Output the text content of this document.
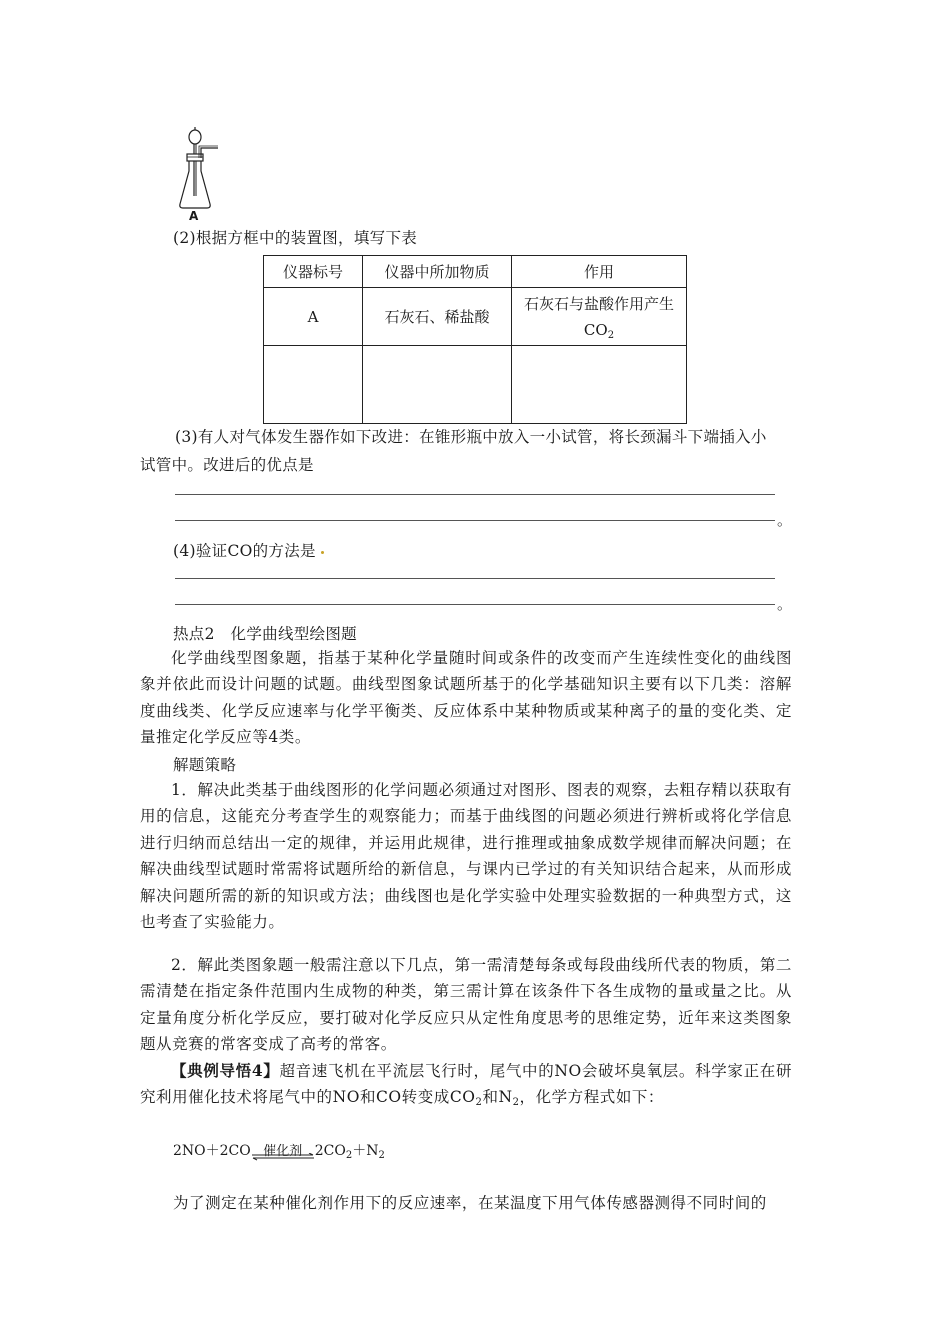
A
(2)根据方框中的装置图，填写下表
仪器标号	仪器中所加物质	作用
A	石灰石、稀盐酸	石灰石与盐酸作用产生$CO_2$

(3)有人对气体发生器作如下改进：在锥形瓶中放入一小试管，将长颈漏斗下端插入小
试管中。改进后的优点是
。
(4)验证CO的方法是
。
热点2　化学曲线型绘图题
化学曲线型图象题，指基于某种化学量随时间或条件的改变而产生连续性变化的曲线图象并依此而设计问题的试题。曲线型图象试题所基于的化学基础知识主要有以下几类：溶解度曲线类、化学反应速率与化学平衡类、反应体系中某种物质或某种离子的量的变化类、定量推定化学反应等4类。
解题策略
1．解决此类基于曲线图形的化学问题必须通过对图形、图表的观察，去粗存精以获取有用的信息，这能充分考查学生的观察能力；而基于曲线图的问题必须进行辨析或将化学信息进行归纳而总结出一定的规律，并运用此规律，进行推理或抽象成数学规律而解决问题；在解决曲线型试题时常需将试题所给的新信息，与课内已学过的有关知识结合起来，从而形成解决问题所需的新的知识或方法；曲线图也是化学实验中处理实验数据的一种典型方式，这也考查了实验能力。
2．解此类图象题一般需注意以下几点，第一需清楚每条或每段曲线所代表的物质，第二需清楚在指定条件范围内生成物的种类，第三需计算在该条件下各生成物的量或量之比。从定量角度分析化学反应，要打破对化学反应只从定性角度思考的思维定势，近年来这类图象题从竞赛的常客变成了高考的常客。
【典例导悟4】超音速飞机在平流层飞行时，尾气中的NO会破坏臭氧层。科学家正在研究利用催化技术将尾气中的NO和CO转变成$CO_2$和$N_2$，化学方程式如下：
2NO＋2CO 催化剂 $2CO_2+N_2$
为了测定在某种催化剂作用下的反应速率，在某温度下用气体传感器测得不同时间的
